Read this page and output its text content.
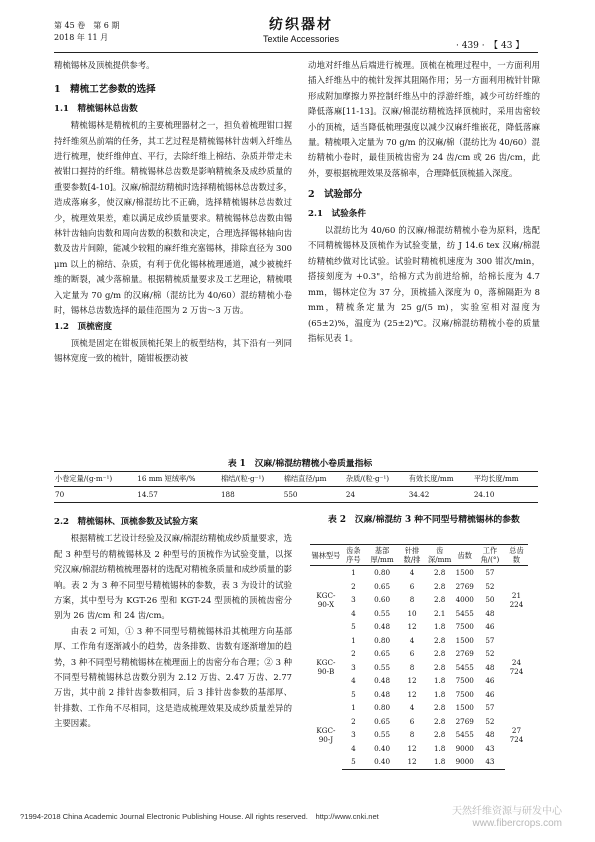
第 45 卷　第 6 期
2018 年 11 月
纺织器材
Textile Accessories
· 439 ·　【 43 】

精梳锡林及顶梳提供参考。

1　精梳工艺参数的选择
1.1　精梳锡林总齿数

精梳锡林是精梳机的主要梳理器材之一，担负着梳理钳口握持纤维须丛前端的任务，其工艺过程是精梳锡林针齿刺入纤维丛进行梳理，使纤维伸直、平行，去除纤维上棉结、杂质并带走未被钳口握持的纤维。精梳锡林总齿数是影响精梳条及成纱质量的重要参数[4-10]。汉麻/棉混纺精梳时选择精梳锡林总齿数过多，造成落麻多，使汉麻/棉混纺比不正确，选择精梳锡林总齿数过少，梳理效果差，难以满足成纱质量要求。精梳锡林总齿数由锡林针齿轴向齿数和周向齿数的积数和决定，合理选择锡林轴向齿数及齿片间隙，能减少较粗的麻纤维充塞锡林，排除直径为 300 μm 以上的棉结、杂质，有利于优化锡林梳理通道，减少被梳纤维的断裂，减少落棉量。根据精梳质量要求及工艺理论，精梳喂入定量为 70 g/m 的汉麻/棉（混纺比为 40/60）混纺精梳小卷时，锡林总齿数选择的最佳范围为 2 万齿～3 万齿。

1.2　顶梳密度

顶梳是固定在钳板顶梳托架上的板型结构，其下沿有一列同锡林宽度一致的梳针，随钳板摆动被

动地对纤维丛后端进行梳理。顶梳在梳理过程中，一方面利用插入纤维丛中的梳针发挥其阻隔作用；另一方面利用梳针针隙形成附加摩擦力界控制纤维丛中的浮游纤维，减少可纺纤维的降低落麻[11-13]。汉麻/棉混纺精梳选择顶梳时，采用齿密较小的顶梳，适当降低梳理强度以减少汉麻纤维嵌花，降低落麻量。精梳喂入定量为 70 g/m 的汉麻/棉（混纺比为 40/60）混纺精梳小卷时，最佳顶梳齿密为 24 齿/cm 或 26 齿/cm，此外，要根据梳理效果及落棉率，合理降低顶梳插入深度。

2　试验部分
2.1　试验条件

以混纺比为 40/60 的汉麻/棉混纺精梳小卷为原料，选配不同精梳锡林及顶梳作为试验变量，纺 J 14.6 tex 汉麻/棉混纺精梳纱做对比试验。试验时精梳机速度为 300 钳次/min，搭接刻度为 +0.3"，给棉方式为前进给棉，给棉长度为 4.7 mm，锡林定位为 37 分，顶梳插入深度为 0，落棉隔距为 8 mm，精梳条定量为 25 g/(5 m)，实验室相对湿度为 (65±2)%，温度为 (25±2)℃。汉麻/棉混纺精梳小卷的质量指标见表 1。

表 1　汉麻/棉混纺精梳小卷质量指标
小卷定量/(g·m⁻¹)	16 mm 短绒率/%	棉结/(粒·g⁻¹)	棉结直径/μm	杂质/(粒·g⁻¹)	有效长度/mm	平均长度/mm
70	14.57	188	550	24	34.42	24.10
2.2　精梳锡林、顶梳参数及试验方案

根据精梳工艺设计经验及汉麻/棉混纺精梳成纱质量要求，选配 3 种型号的精梳锡林及 2 种型号的顶梳作为试验变量，以探究汉麻/棉混纺精梳梳理器材的选配对精梳条质量和成纱质量的影响。表 2 为 3 种不同型号精梳锡林的参数，表 3 为设计的试验方案，其中型号为 KGT-26 型和 KGT-24 型顶梳的顶梳齿密分别为 26 齿/cm 和 24 齿/cm。

由表 2 可知，① 3 种不同型号精梳锡林沿其梳理方向基部厚、工作角有逐渐减小的趋势，齿条排数、齿数有逐渐增加的趋势，3 种不同型号精梳锡林在梳理面上的齿密分布合理；② 3 种不同型号精梳锡林总齿数分别为 2.12 万齿、2.47 万齿、2.77 万齿，其中前 2 排针齿参数相同，后 3 排针齿参数的基部厚、针排数、工作角不尽相同，这是造成梳理效果及成纱质量差异的主要因素。

表 2　汉麻/棉混纺 3 种不同型号精梳锡林的参数
锡林型号	齿条序号	基部厚/mm	针排数/排	齿深/mm	齿数	工作角/(°)	总齿数
KGC-90-X	1	0.80	4	2.8	1500	57	21 224
	2	0.65	6	2.8	2769	52	
	3	0.60	8	2.8	4000	50	
	4	0.55	10	2.1	5455	48	
	5	0.48	12	1.8	7500	46	
KGC-90-B	1	0.80	4	2.8	1500	57	24 724
	2	0.65	6	2.8	2769	52	
	3	0.55	8	2.8	5455	48	
	4	0.48	12	1.8	7500	46	
	5	0.48	12	1.8	7500	46	
KGC-90-J	1	0.80	4	2.8	1500	57	27 724
	2	0.65	6	2.8	2769	52	
	3	0.55	8	2.8	5455	48	
	4	0.40	12	1.8	9000	43	
	5	0.40	12	1.8	9000	43	
?1994-2018 China Academic Journal Electronic Publishing House. All rights reserved.　http://www.cnki.net	天然纤维资源与研发中心
www.fibercrops.com
